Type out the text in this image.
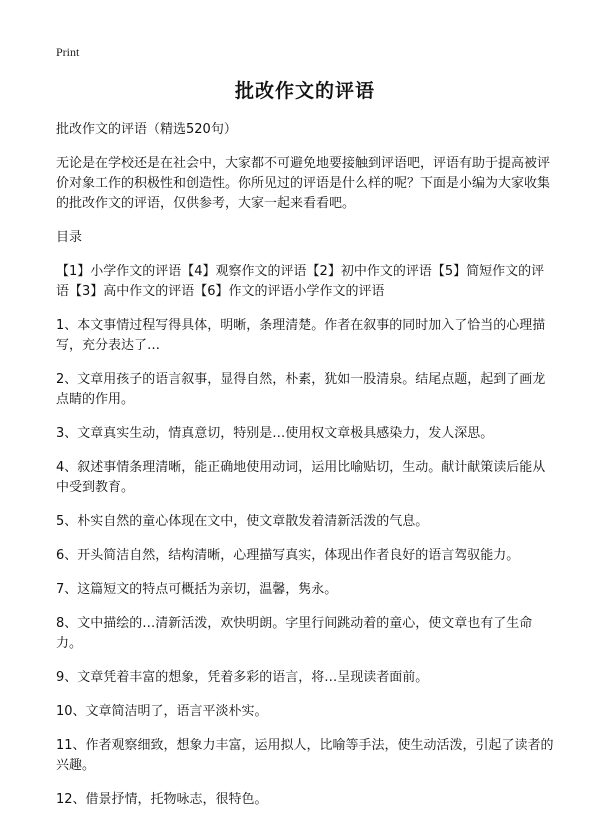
Print
批改作文的评语

批改作文的评语（精选520句）

无论是在学校还是在社会中，大家都不可避免地要接触到评语吧，评语有助于提高被评价对象工作的积极性和创造性。你所见过的评语是什么样的呢？下面是小编为大家收集的批改作文的评语，仅供参考，大家一起来看看吧。

目录

【1】小学作文的评语【4】观察作文的评语【2】初中作文的评语【5】简短作文的评语【3】高中作文的评语【6】作文的评语小学作文的评语

1、本文事情过程写得具体，明晰，条理清楚。作者在叙事的同时加入了恰当的心理描写，充分表达了…
2、文章用孩子的语言叙事，显得自然，朴素，犹如一股清泉。结尾点题，起到了画龙点睛的作用。
3、文章真实生动，情真意切，特别是…使用权文章极具感染力，发人深思。
4、叙述事情条理清晰，能正确地使用动词，运用比喻贴切，生动。献计献策读后能从中受到教育。
5、朴实自然的童心体现在文中，使文章散发着清新活泼的气息。
6、开头简洁自然，结构清晰，心理描写真实，体现出作者良好的语言驾驭能力。
7、这篇短文的特点可概括为亲切，温馨，隽永。
8、文中描绘的…清新活泼，欢快明朗。字里行间跳动着的童心，使文章也有了生命力。
9、文章凭着丰富的想象，凭着多彩的语言，将…呈现读者面前。
10、文章简洁明了，语言平淡朴实。
11、作者观察细致，想象力丰富，运用拟人，比喻等手法，使生动活泼，引起了读者的兴趣。
12、借景抒情，托物咏志，很特色。
